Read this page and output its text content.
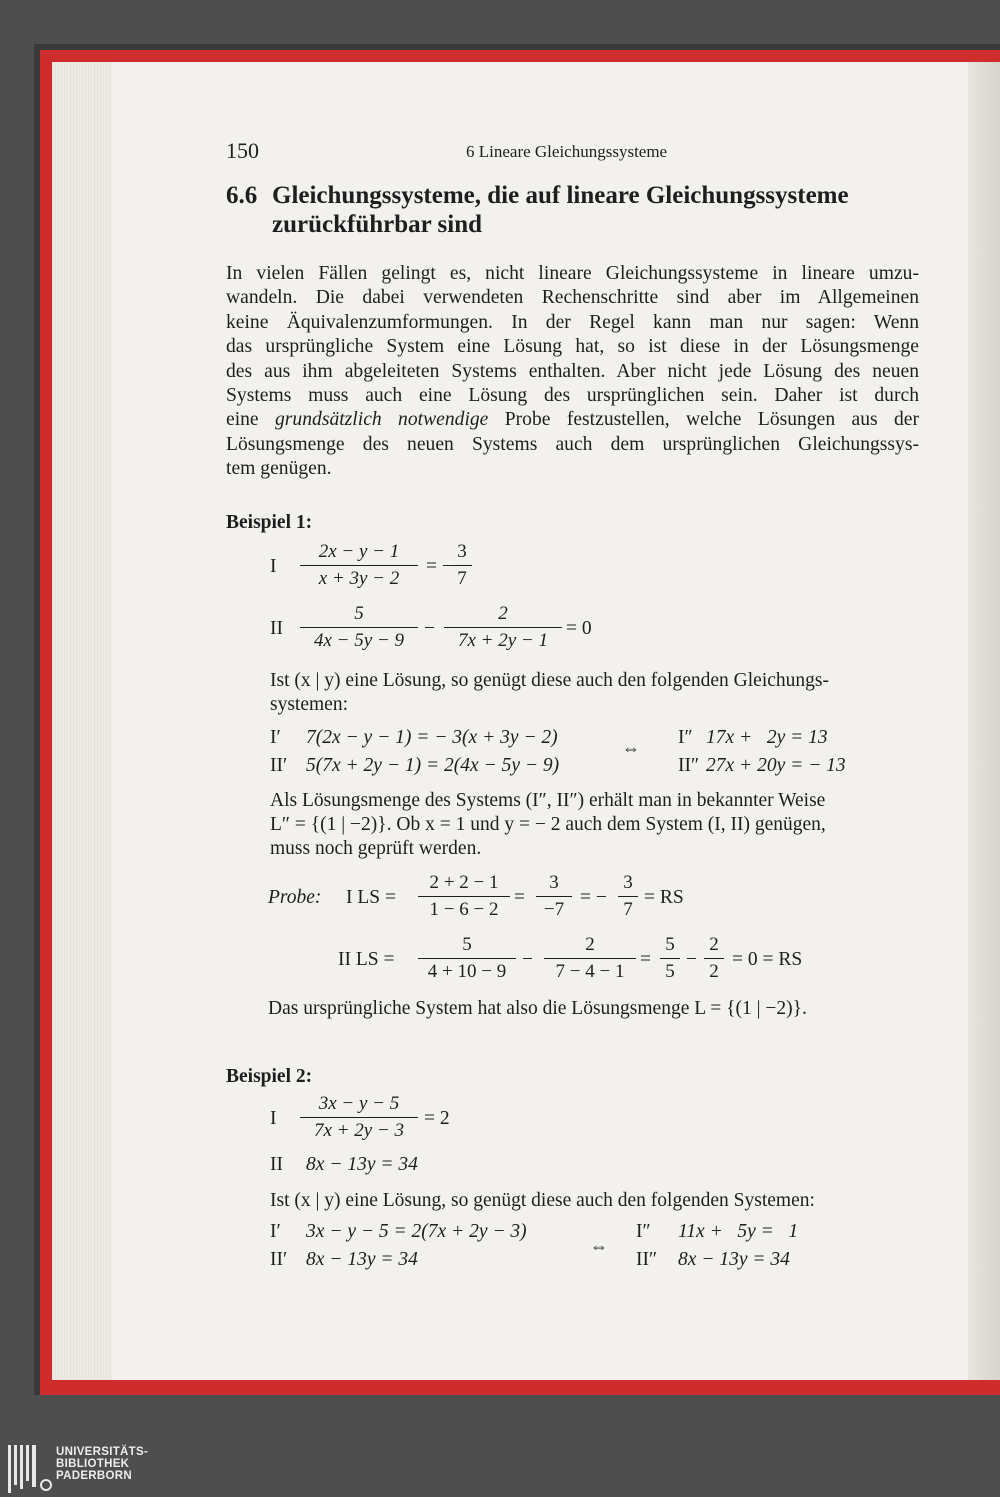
150	6 Lineare Gleichungssysteme
6.6 Gleichungssysteme, die auf lineare Gleichungssysteme
zurückführbar sind
In vielen Fällen gelingt es, nicht lineare Gleichungssysteme in lineare umzu-
wandeln. Die dabei verwendeten Rechenschritte sind aber im Allgemeinen
keine Äquivalenzumformungen. In der Regel kann man nur sagen: Wenn
das ursprüngliche System eine Lösung hat, so ist diese in der Lösungsmenge
des aus ihm abgeleiteten Systems enthalten. Aber nicht jede Lösung des neuen
Systems muss auch eine Lösung des ursprünglichen sein. Daher ist durch
eine grundsätzlich notwendige Probe festzustellen, welche Lösungen aus der
Lösungsmenge des neuen Systems auch dem ursprünglichen Gleichungssys-
tem genügen.
Beispiel 1:
I
2x − y − 1
x + 3y − 2
= −
3
7
II
5
4x − 5y − 9
−
2
7x + 2y − 1
= 0
Ist (x | y) eine Lösung, so genügt diese auch den folgenden Gleichungs-
systemen:
I′ 7(2x − y − 1) = − 3(x + 3y − 2)
II′ 5(7x + 2y − 1) = 2(4x − 5y − 9)
⇔ I″ 17x +   2y = 13
II″ 27x + 20y = − 13
Als Lösungsmenge des Systems (I″, II″) erhält man in bekannter Weise
L″ = {(1 | −2)}. Ob x = 1 und y = − 2 auch dem System (I, II) genügen,
muss noch geprüft werden.
Probe: I LS =
2 + 2 − 1
1 − 6 − 2
=
3
−7
= −
3
7
= RS
II LS =
5
4 + 10 − 9
−
2
7 − 4 − 1
=
5
5
−
2
2
= 0 = RS
Das ursprüngliche System hat also die Lösungsmenge L = {(1 | −2)}.
Beispiel 2:
I
3x − y − 5
7x + 2y − 3
= 2
II 8x − 13y = 34
Ist (x | y) eine Lösung, so genügt diese auch den folgenden Systemen:
I′ 3x − y − 5 = 2(7x + 2y − 3)
II′ 8x − 13y = 34
⇔
I″ 11x +   5y =   1
II″ 8x − 13y = 34
UNIVERSITÄTS-
BIBLIOTHEK
PADERBORN
